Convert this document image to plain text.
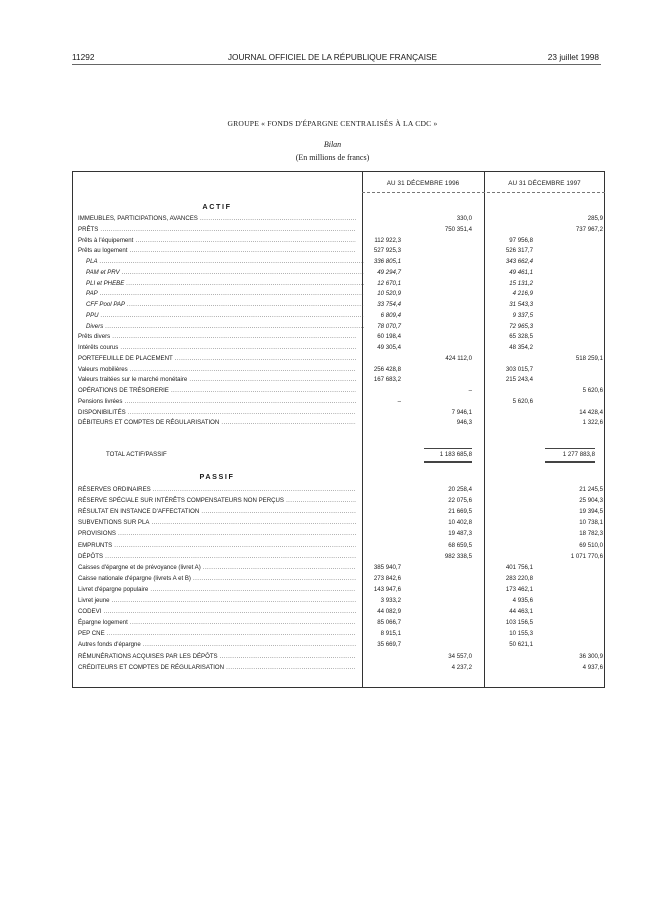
11292	JOURNAL OFFICIEL DE LA RÉPUBLIQUE FRANÇAISE	23 juillet 1998
GROUPE « FONDS D'ÉPARGNE CENTRALISÉS À LA CDC »
Bilan
(En millions de francs)
AU 31 DÉCEMBRE 1996	AU 31 DÉCEMBRE 1997
ACTIF
IMMEUBLES, PARTICIPATIONS, AVANCES .....	330,0	285,9
PRÊTS .....	750 351,4	737 967,2
Prêts à l'équipement .....	112 922,3	97 956,8
Prêts au logement .....	527 925,3	526 317,7
PLA .....	336 805,1	343 662,4
PAM et PRV .....	49 294,7	49 461,1
PLI et PHEBE .....	12 670,1	15 131,2
PAP .....	10 520,9	4 216,9
CFF Pool PAP .....	33 754,4	31 543,3
PPU .....	6 809,4	9 337,5
Divers .....	78 070,7	72 965,3
Prêts divers .....	60 198,4	65 328,5
Intérêts courus .....	49 305,4	48 354,2
PORTEFEUILLE DE PLACEMENT .....	424 112,0	518 259,1
Valeurs mobilières .....	256 428,8	303 015,7
Valeurs traitées sur le marché monétaire .....	167 683,2	215 243,4
OPÉRATIONS DE TRÉSORERIE .....	–	5 620,6
Pensions livrées .....	–	5 620,6
DISPONIBILITÉS .....	7 946,1	14 428,4
DÉBITEURS ET COMPTES DE RÉGULARISATION .....	946,3	1 322,6
TOTAL ACTIF/PASSIF	1 183 685,8	1 277 883,8
PASSIF
RÉSERVES ORDINAIRES .....	20 258,4	21 245,5
RÉSERVE SPÉCIALE SUR INTÉRÊTS COMPENSATEURS NON PERÇUS .....	22 075,6	25 904,3
RÉSULTAT EN INSTANCE D'AFFECTATION .....	21 669,5	19 394,5
SUBVENTIONS SUR PLA .....	10 402,8	10 738,1
PROVISIONS .....	19 487,3	18 782,3
EMPRUNTS .....	68 659,5	69 510,0
DÉPÔTS .....	982 338,5	1 071 770,6
Caisses d'épargne et de prévoyance (livret A) .....	385 940,7	401 756,1
Caisse nationale d'épargne (livrets A et B) .....	273 842,6	283 220,8
Livret d'épargne populaire .....	143 947,6	173 462,1
Livret jeune .....	3 933,2	4 935,6
CODEVI .....	44 082,9	44 463,1
Épargne logement .....	85 066,7	103 156,5
PEP CNE .....	8 915,1	10 155,3
Autres fonds d'épargne .....	35 669,7	50 621,1
RÉMUNÉRATIONS ACQUISES PAR LES DÉPÔTS .....	34 557,0	36 300,9
CRÉDITEURS ET COMPTES DE RÉGULARISATION .....	4 237,2	4 937,6
